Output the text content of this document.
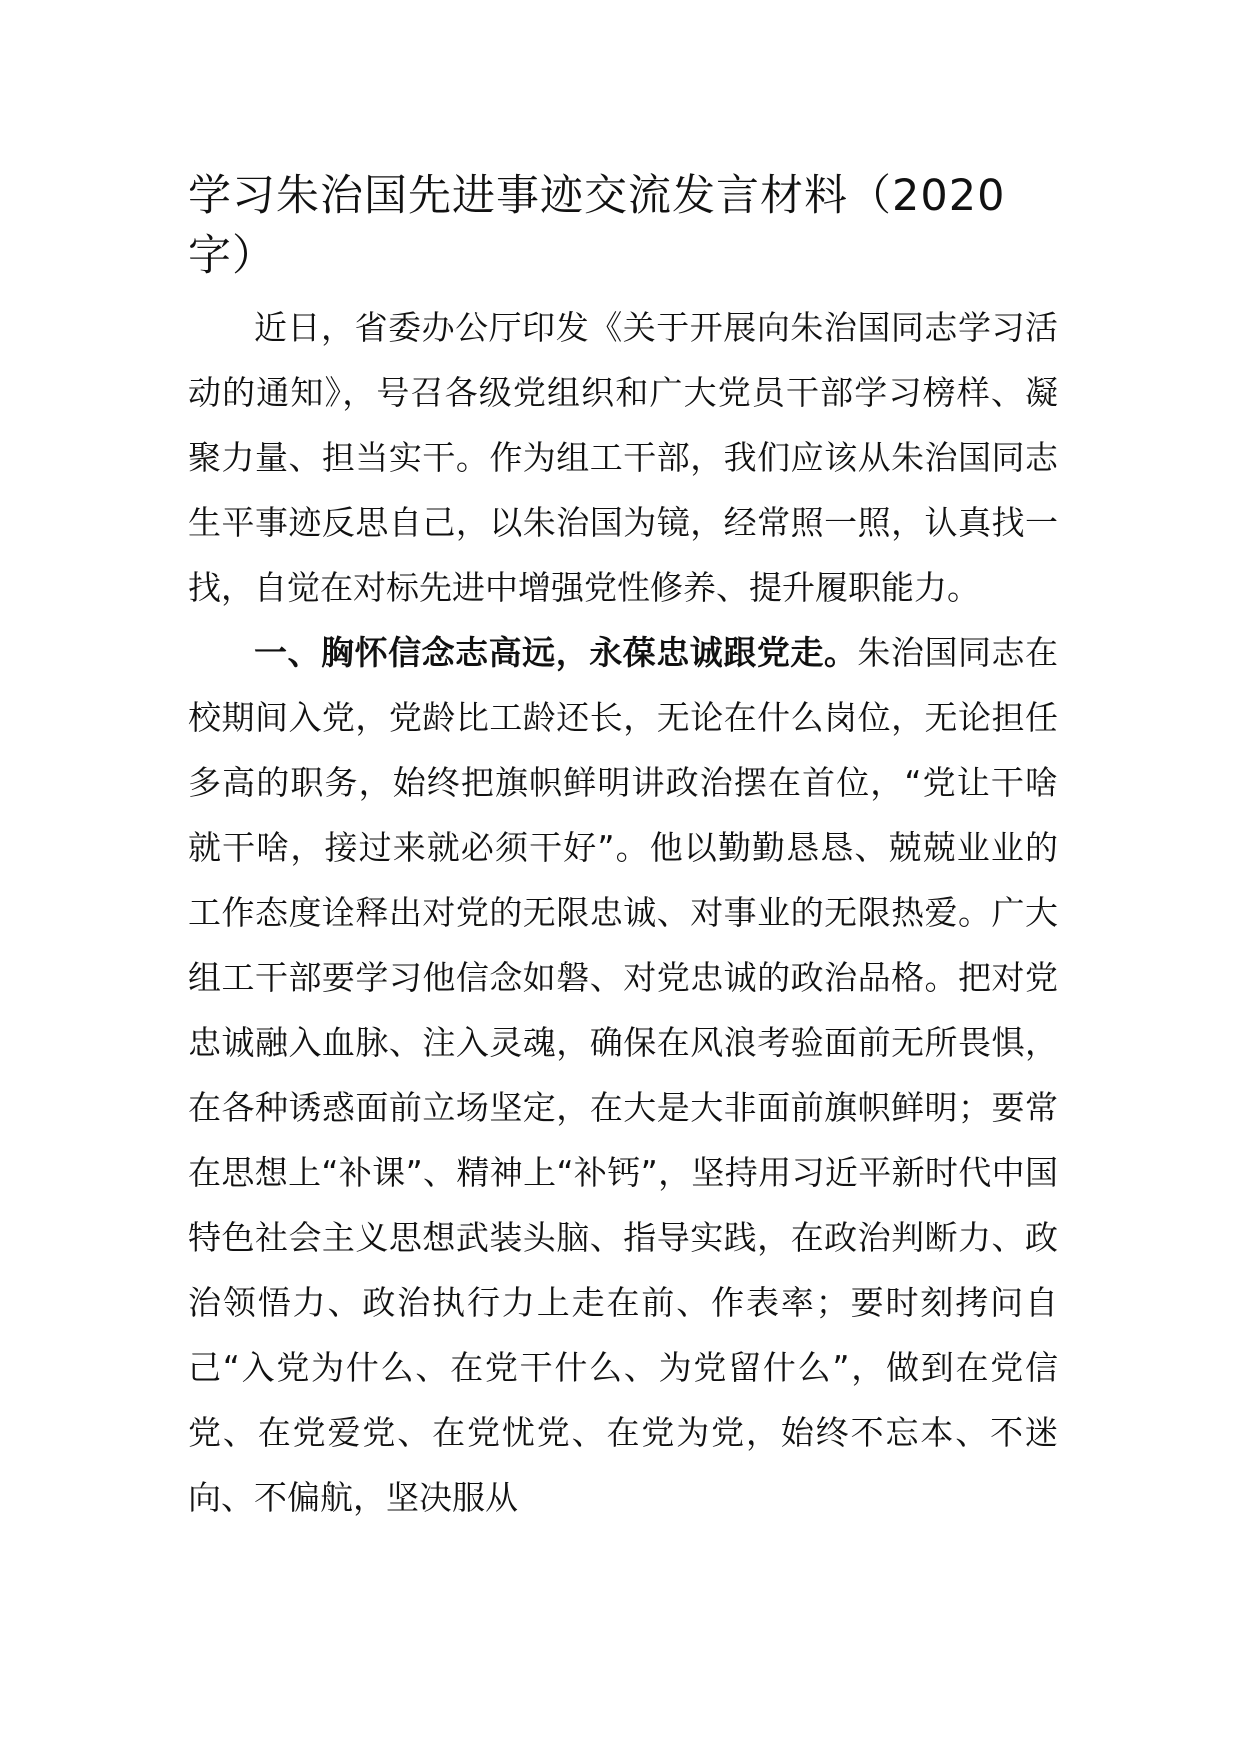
学习朱治国先进事迹交流发言材料（2020字）

近日，省委办公厅印发《关于开展向朱治国同志学习活动的通知》，号召各级党组织和广大党员干部学习榜样、凝聚力量、担当实干。作为组工干部，我们应该从朱治国同志生平事迹反思自己，以朱治国为镜，经常照一照，认真找一找，自觉在对标先进中增强党性修养、提升履职能力。

一、胸怀信念志高远，永葆忠诚跟党走。朱治国同志在校期间入党，党龄比工龄还长，无论在什么岗位，无论担任多高的职务，始终把旗帜鲜明讲政治摆在首位，“党让干啥就干啥，接过来就必须干好”。他以勤勤恳恳、兢兢业业的工作态度诠释出对党的无限忠诚、对事业的无限热爱。广大组工干部要学习他信念如磐、对党忠诚的政治品格。把对党忠诚融入血脉、注入灵魂，确保在风浪考验面前无所畏惧，在各种诱惑面前立场坚定，在大是大非面前旗帜鲜明；要常在思想上“补课”、精神上“补钙”，坚持用习近平新时代中国特色社会主义思想武装头脑、指导实践，在政治判断力、政治领悟力、政治执行力上走在前、作表率；要时刻拷问自己“入党为什么、在党干什么、为党留什么”，做到在党信党、在党爱党、在党忧党、在党为党，始终不忘本、不迷向、不偏航，坚决服从
